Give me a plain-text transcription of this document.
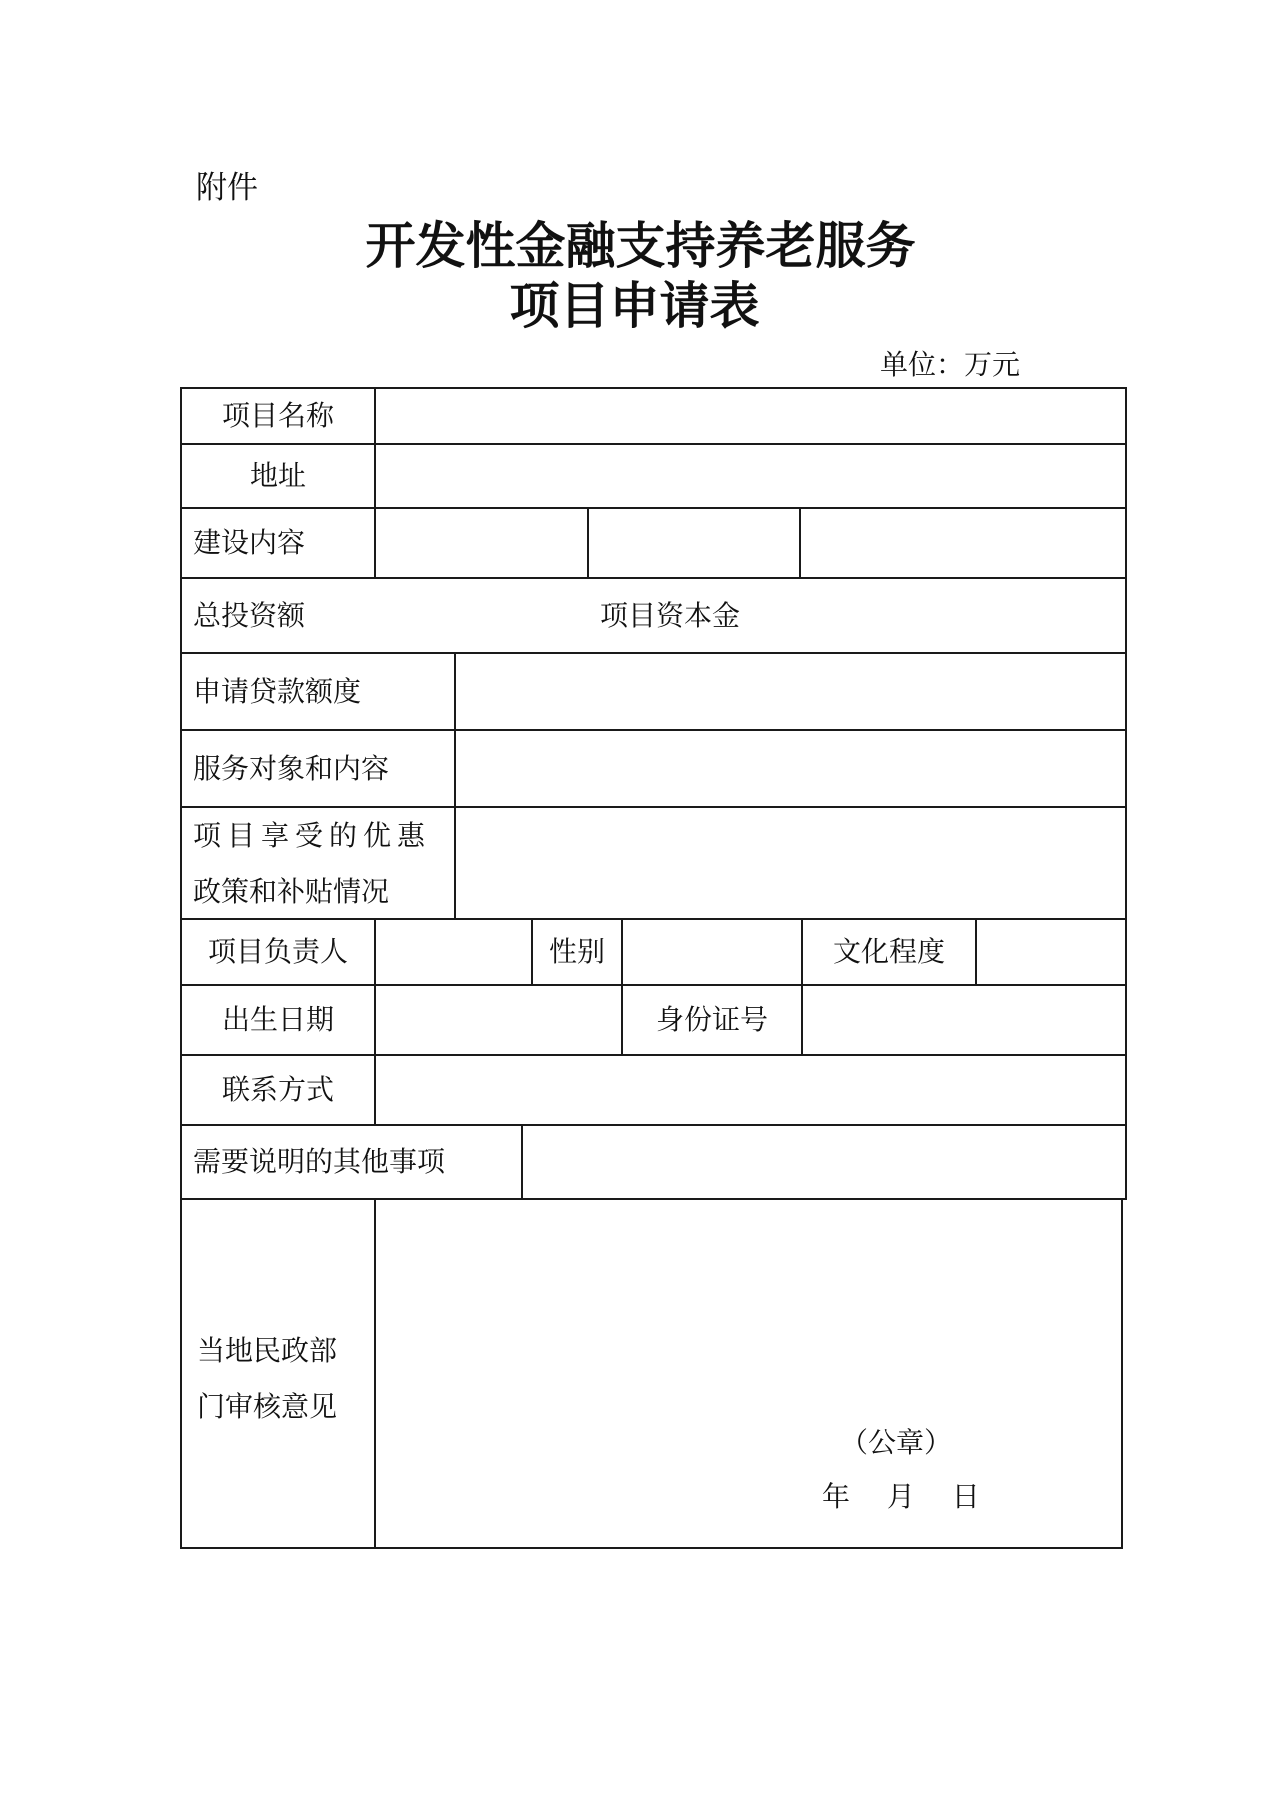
附件
开发性金融支持养老服务
项目申请表
单位：万元
项目名称
地址
建设内容
总投资额	项目资本金
申请贷款额度
服务对象和内容
项目享受的优惠
政策和补贴情况
项目负责人	性别	文化程度
出生日期	身份证号
联系方式
需要说明的其他事项
当地民政部
门审核意见
（公章）
年　 月　 日
